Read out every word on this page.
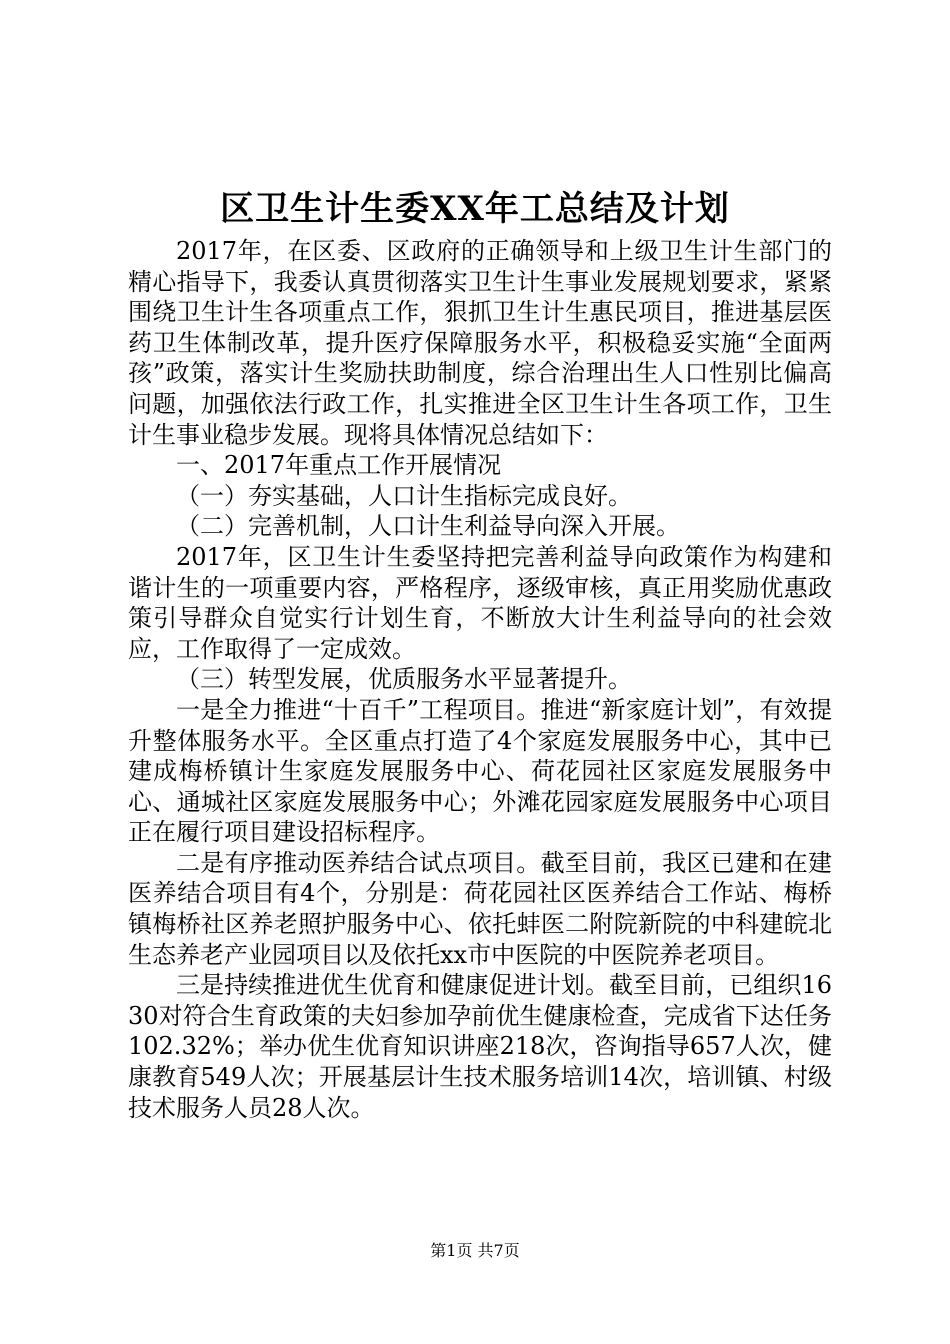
区卫生计生委XX年工总结及计划

2017年，在区委、区政府的正确领导和上级卫生计生部门的精心指导下，我委认真贯彻落实卫生计生事业发展规划要求，紧紧围绕卫生计生各项重点工作，狠抓卫生计生惠民项目，推进基层医药卫生体制改革，提升医疗保障服务水平，积极稳妥实施“全面两孩”政策，落实计生奖励扶助制度，综合治理出生人口性别比偏高问题，加强依法行政工作，扎实推进全区卫生计生各项工作，卫生计生事业稳步发展。现将具体情况总结如下：

一、2017年重点工作开展情况

（一）夯实基础，人口计生指标完成良好。

（二）完善机制，人口计生利益导向深入开展。

2017年，区卫生计生委坚持把完善利益导向政策作为构建和谐计生的一项重要内容，严格程序，逐级审核，真正用奖励优惠政策引导群众自觉实行计划生育，不断放大计生利益导向的社会效应，工作取得了一定成效。

（三）转型发展，优质服务水平显著提升。

一是全力推进“十百千”工程项目。推进“新家庭计划”，有效提升整体服务水平。全区重点打造了4个家庭发展服务中心，其中已建成梅桥镇计生家庭发展服务中心、荷花园社区家庭发展服务中心、通城社区家庭发展服务中心；外滩花园家庭发展服务中心项目正在履行项目建设招标程序。

二是有序推动医养结合试点项目。截至目前，我区已建和在建医养结合项目有4个，分别是：荷花园社区医养结合工作站、梅桥镇梅桥社区养老照护服务中心、依托蚌医二附院新院的中科建皖北生态养老产业园项目以及依托xx市中医院的中医院养老项目。

三是持续推进优生优育和健康促进计划。截至目前，已组织1630对符合生育政策的夫妇参加孕前优生健康检查，完成省下达任务102.32%；举办优生优育知识讲座218次，咨询指导657人次，健康教育549人次；开展基层计生技术服务培训14次，培训镇、村级技术服务人员28人次。

第1页 共7页
